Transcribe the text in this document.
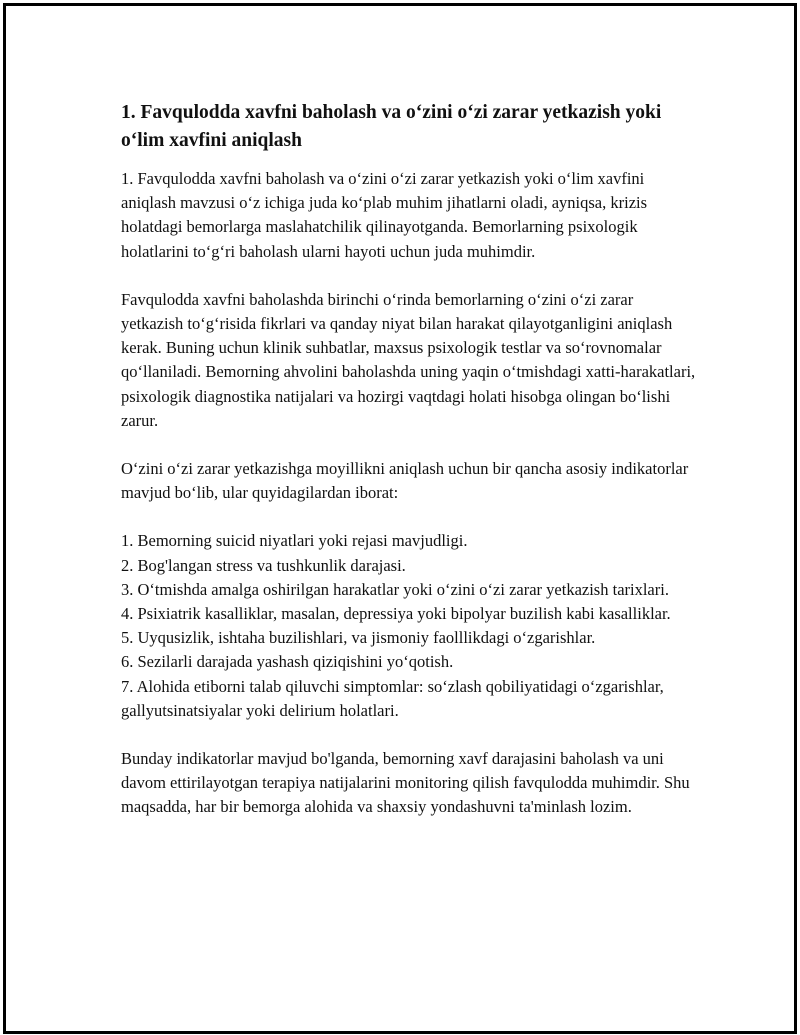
1. Favqulodda xavfni baholash va o‘zini o‘zi zarar yetkazish yoki o‘lim xavfini aniqlash

1. Favqulodda xavfni baholash va o‘zini o‘zi zarar yetkazish yoki o‘lim xavfini aniqlash mavzusi o‘z ichiga juda ko‘plab muhim jihatlarni oladi, ayniqsa, krizis holatdagi bemorlarga maslahatchilik qilinayotganda. Bemorlarning psixologik holatlarini to‘g‘ri baholash ularni hayoti uchun juda muhimdir.

Favqulodda xavfni baholashda birinchi o‘rinda bemorlarning o‘zini o‘zi zarar yetkazish to‘g‘risida fikrlari va qanday niyat bilan harakat qilayotganligini aniqlash kerak. Buning uchun klinik suhbatlar, maxsus psixologik testlar va so‘rovnomalar qo‘llaniladi. Bemorning ahvolini baholashda uning yaqin o‘tmishdagi xatti-harakatlari, psixologik diagnostika natijalari va hozirgi vaqtdagi holati hisobga olingan bo‘lishi zarur.

O‘zini o‘zi zarar yetkazishga moyillikni aniqlash uchun bir qancha asosiy indikatorlar mavjud bo‘lib, ular quyidagilardan iborat:

1. Bemorning suicid niyatlari yoki rejasi mavjudligi.
2. Bog'langan stress va tushkunlik darajasi.
3. O‘tmishda amalga oshirilgan harakatlar yoki o‘zini o‘zi zarar yetkazish tarixlari.
4. Psixiatrik kasalliklar, masalan, depressiya yoki bipolyar buzilish kabi kasalliklar.
5. Uyqusizlik, ishtaha buzilishlari, va jismoniy faolllikdagi o‘zgarishlar.
6. Sezilarli darajada yashash qiziqishini yo‘qotish.
7. Alohida etiborni talab qiluvchi simptomlar: so‘zlash qobiliyatidagi o‘zgarishlar, gallyutsinatsiyalar yoki delirium holatlari.

Bunday indikatorlar mavjud bo'lganda, bemorning xavf darajasini baholash va uni davom ettirilayotgan terapiya natijalarini monitoring qilish favqulodda muhimdir. Shu maqsadda, har bir bemorga alohida va shaxsiy yondashuvni ta'minlash lozim.
